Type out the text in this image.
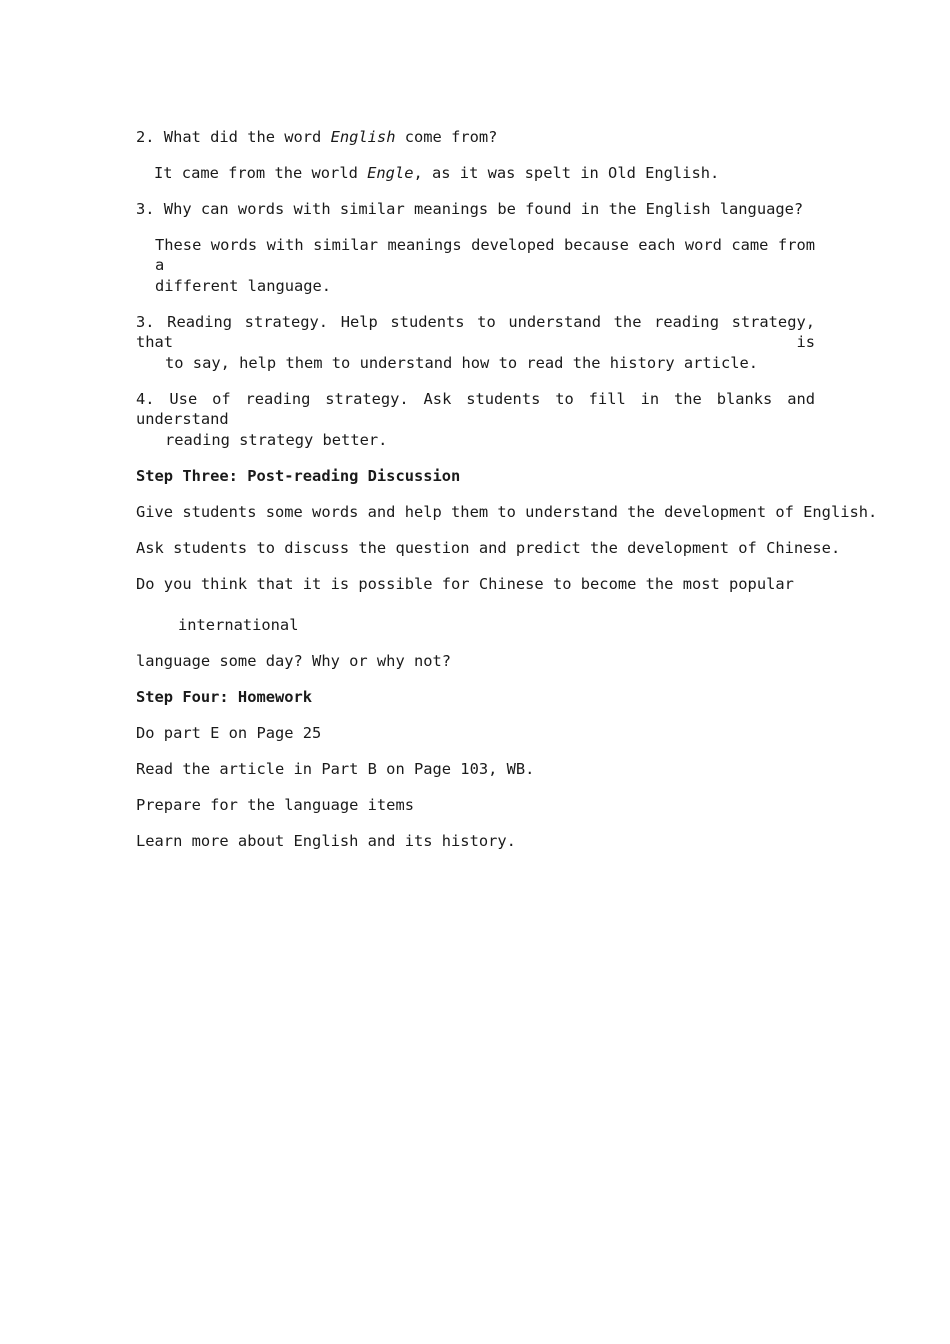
2. What did the word English come from?
It came from the world Engle, as it was spelt in Old English.
3. Why can words with similar meanings be found in the English language?
These words with similar meanings developed because each word came from a
different language.
3. Reading strategy. Help students to understand the reading strategy, that is
to say, help them to understand how to read the history article.
4. Use of reading strategy. Ask students to fill in the blanks and understand
reading strategy better.
Step Three: Post-reading Discussion
Give students some words and help them to understand the development of English.
Ask students to discuss the question and predict the development of Chinese.
Do you think that it is possible for Chinese to become the most popular
international
language some day? Why or why not?
Step Four: Homework
Do part E on Page 25
Read the article in Part B on Page 103, WB.
Prepare for the language items
Learn more about English and its history.
